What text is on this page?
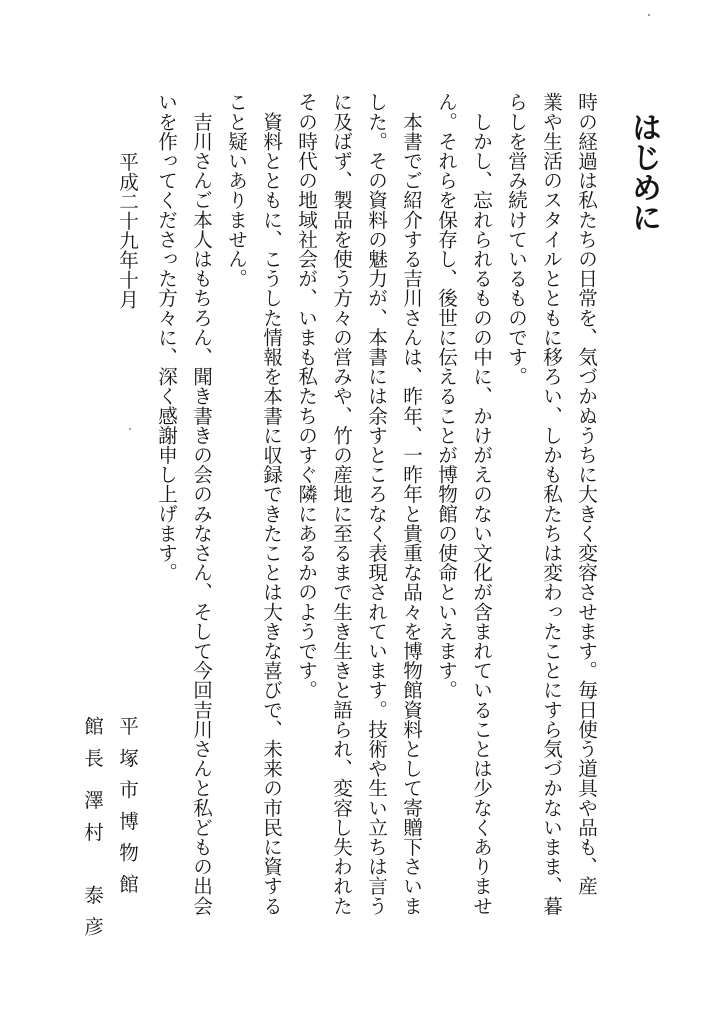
はじめに

時の経過は私たちの日常を、気づかぬうちに大きく変容させます。毎日使う道具や品も、産

業や生活のスタイルとともに移ろい、しかも私たちは変わったことにすら気づかないまま、暮

らしを営み続けているものです。

　しかし、忘れられるものの中に、かけがえのない文化が含まれていることは少なくありませ

ん。それらを保存し、後世に伝えることが博物館の使命といえます。

　本書でご紹介する吉川さんは、昨年、一昨年と貴重な品々を博物館資料として寄贈下さいま

した。その資料の魅力が、本書には余すところなく表現されています。技術や生い立ちは言う

に及ばず、製品を使う方々の営みや、竹の産地に至るまで生き生きと語られ、変容し失われた

その時代の地域社会が、いまも私たちのすぐ隣にあるかのようです。

　資料とともに、こうした情報を本書に収録できたことは大きな喜びで、未来の市民に資する

こと疑いありません。

　吉川さんご本人はもちろん、聞き書きの会のみなさん、そして今回吉川さんと私どもの出会

いを作ってくださった方々に、深く感謝申し上げます。

平成二十九年十月

平塚市博物館

館長

澤村　泰彦
